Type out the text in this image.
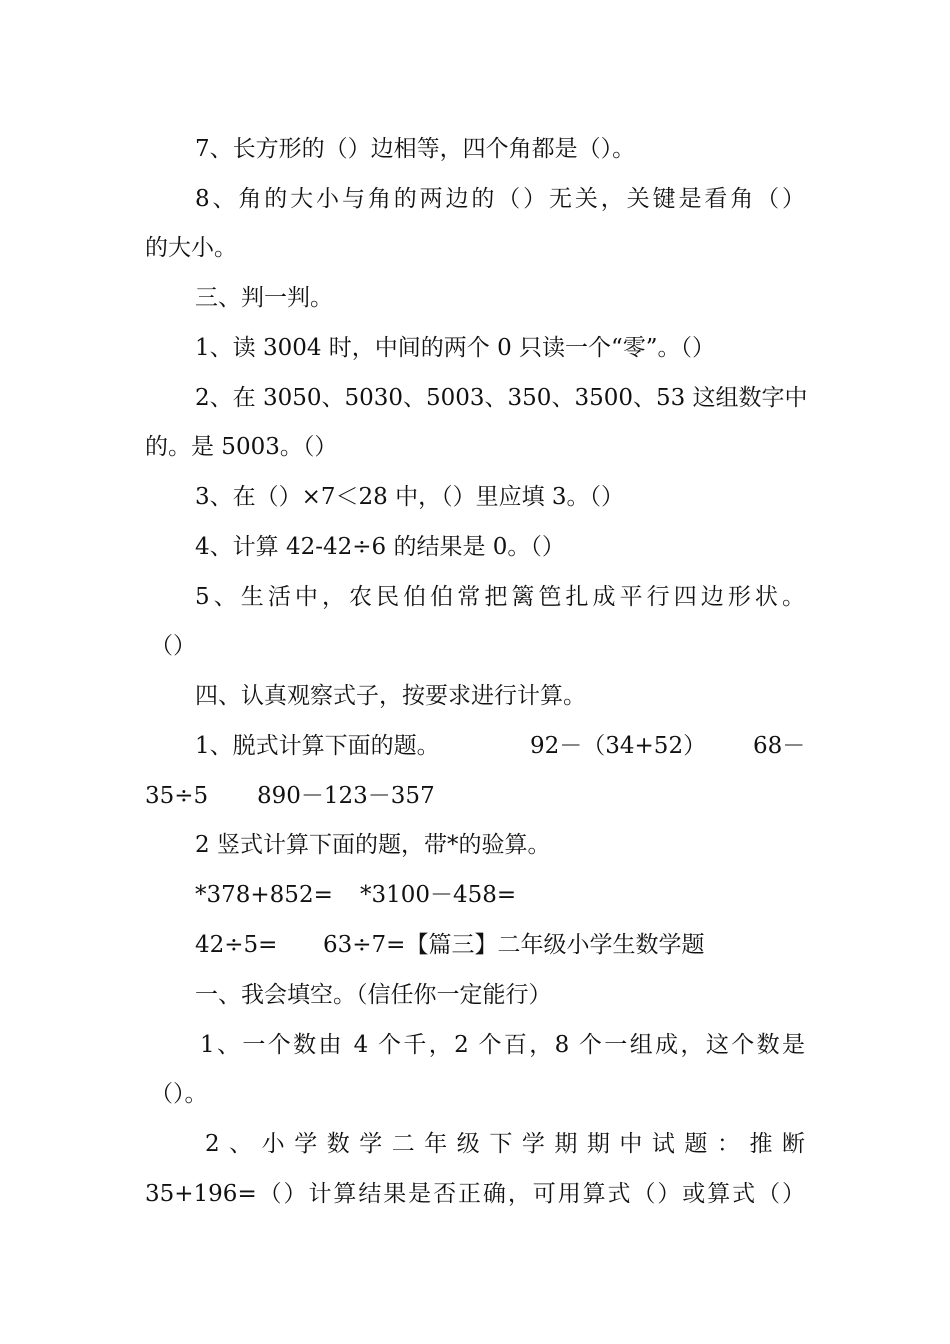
7、长方形的（）边相等，四个角都是（）。
8、角的大小与角的两边的（）无关，关键是看角（）
的大小。
三、判一判。
1、读 3004 时，中间的两个 0 只读一个“零”。（）
2、在 3050、5030、5003、350、3500、53 这组数字中
的。是 5003。（）
3、在（）×7＜28 中，（）里应填 3。（）
4、计算 42-42÷6 的结果是 0。（）
5、生活中，农民伯伯常把篱笆扎成平行四边形状。
（）
四、认真观察式子，按要求进行计算。
1、脱式计算下面的题。	92－（34+52） 68－
35÷5 890－123－357
2 竖式计算下面的题，带*的验算。
*378+852= *3100－458=
42÷5= 63÷7=【篇三】二年级小学生数学题
一、我会填空。（信任你一定能行）
1、一个数由 4 个千，2 个百，8 个一组成，这个数是
（）。
2、小学数学二年级下学期期中试题：推断
35+196=（）计算结果是否正确，可用算式（）或算式（）
